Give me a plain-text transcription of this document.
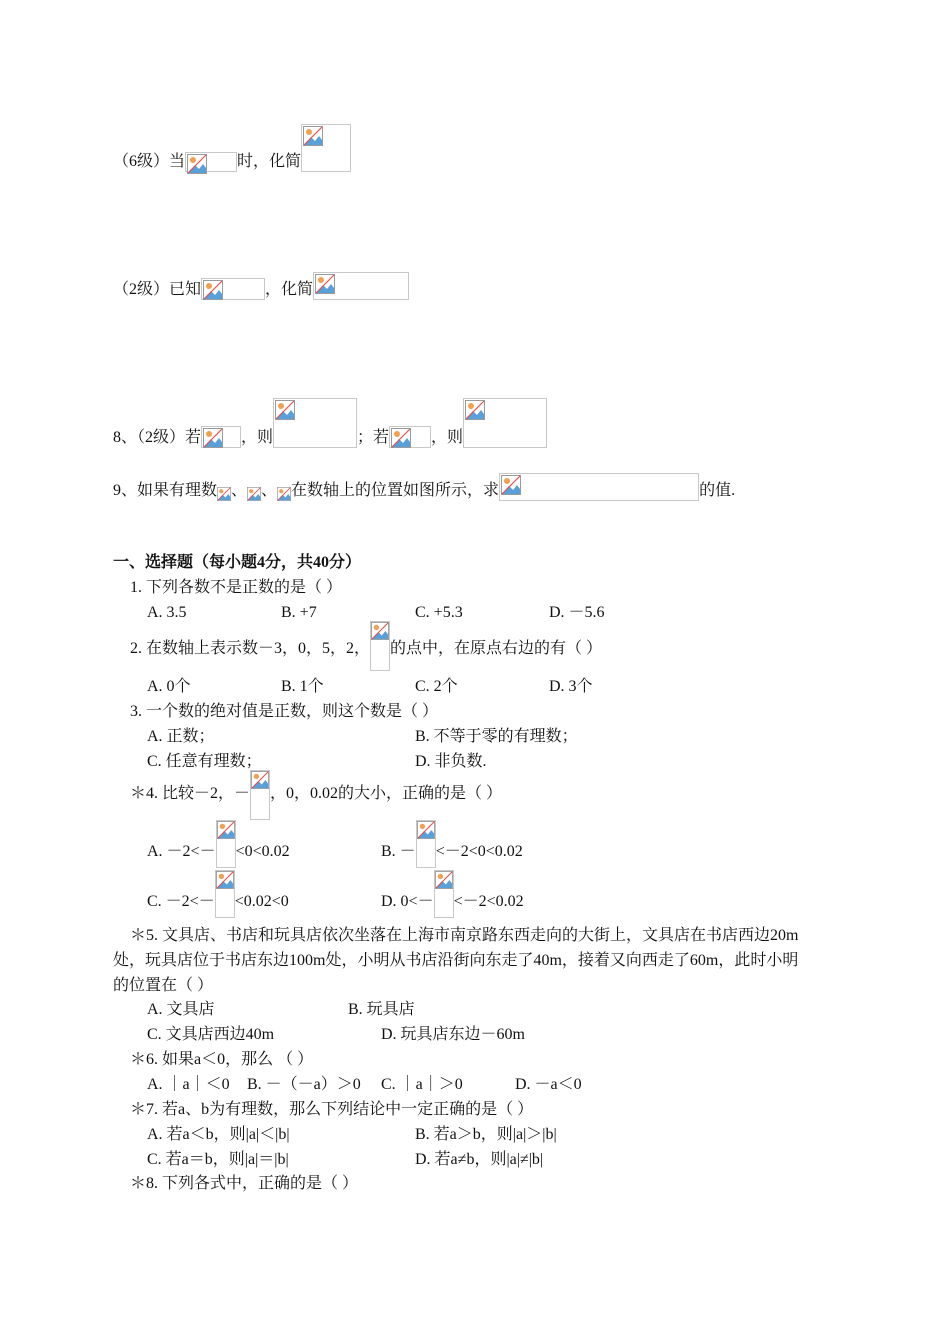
（6级）当	时，化简
（2级）已知	，化简
8、（2级）若	，则	；若	，则
9、如果有理数 、 、 在数轴上的位置如图所示，求	的值.
一、选择题（每小题4分，共40分）
1. 下列各数不是正数的是（ ）
A. 3.5	B. +7	C. +5.3	D. －5.6
2. 在数轴上表示数－3，0，5，2， 的点中，在原点右边的有（ ）
A. 0个	B. 1个	C. 2个	D. 3个
3. 一个数的绝对值是正数，则这个数是（ ）
A. 正数；	B. 不等于零的有理数；
C. 任意有理数；	D. 非负数.
＊4. 比较－2，－ ，0，0.02的大小，正确的是（ ）
A. －2<－ <0<0.02	B. － <－2<0<0.02
C. －2<－ <0.02<0	D. 0<－ <－2<0.02
＊5. 文具店、书店和玩具店依次坐落在上海市南京路东西走向的大街上，文具店在书店西边20m
处，玩具店位于书店东边100m处，小明从书店沿街向东走了40m，接着又向西走了60m，此时小明
的位置在（ ）
A. 文具店	B. 玩具店
C. 文具店西边40m	D. 玩具店东边－60m
＊6. 如果a＜0，那么 （ ）
A. ｜a｜＜0 B. －（－a）＞0 C. ｜a｜＞0	D. －a＜0
＊7. 若a、b为有理数，那么下列结论中一定正确的是（ ）
A. 若a＜b，则|a|＜|b|	B. 若a＞b，则|a|＞|b|
C. 若a＝b，则|a|＝|b|	D. 若a≠b，则|a|≠|b|
＊8. 下列各式中，正确的是（ ）
